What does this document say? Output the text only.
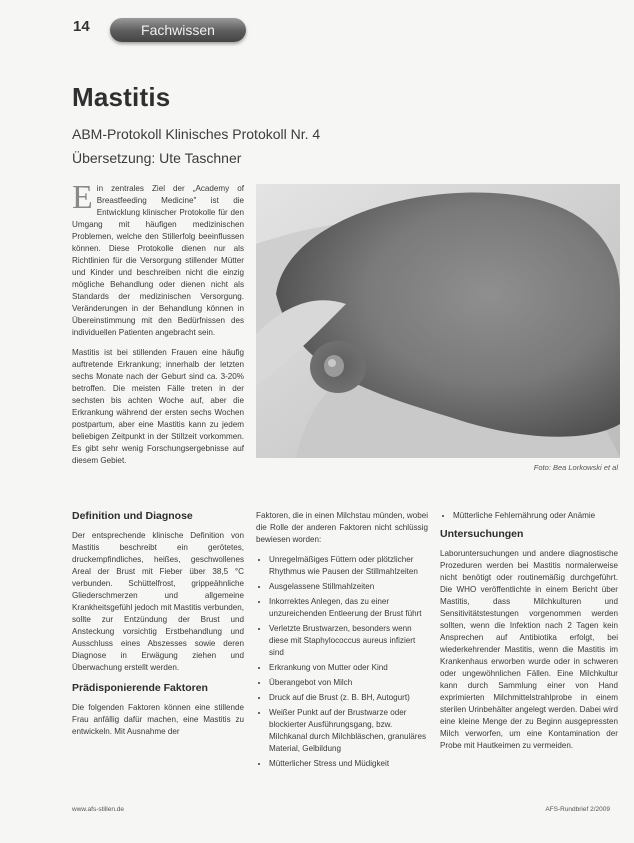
14	Fachwissen
Mastitis
ABM-Protokoll Klinisches Protokoll Nr. 4
Übersetzung: Ute Taschner

E in zentrales Ziel der „Academy of Breastfeeding Medicine" ist die Entwicklung klinischer Protokolle für den Umgang mit häufigen medizinischen Problemen, welche den Stillerfolg beeinflussen können. Diese Protokolle dienen nur als Richtlinien für die Versorgung stillender Mütter und Kinder und beschreiben nicht die einzig mögliche Behandlung oder dienen nicht als Standards der medizinischen Versorgung. Veränderungen in der Behandlung können in Übereinstimmung mit den Bedürfnissen des individuellen Patienten angebracht sein.

Mastitis ist bei stillenden Frauen eine häufig auftretende Erkrankung; innerhalb der letzten sechs Monate nach der Geburt sind ca. 3-20% betroffen. Die meisten Fälle treten in der sechsten bis achten Woche auf, aber die Erkrankung während der ersten sechs Wochen postpartum, aber eine Mastitis kann zu jedem beliebigen Zeitpunkt in der Stillzeit vorkommen. Es gibt sehr wenig Forschungsergebnisse auf diesem Gebiet.

Foto: Bea Lorkowski et al
Definition und Diagnose

Der entsprechende klinische Definition von Mastitis beschreibt ein gerötetes, druckempfindliches, heißes, geschwollenes Areal der Brust mit Fieber über 38,5 °C verbunden. Schüttelfrost, grippeähnliche Gliederschmerzen und allgemeine Krankheitsgefühl jedoch mit Mastitis verbunden, sollte zur Entzündung der Brust und Ansteckung vorsichtig Erstbehandlung und Ausschluss eines Abszesses sowie deren Diagnose in Erwägung ziehen und Überwachung erstellt werden.

Prädisponierende Faktoren

Die folgenden Faktoren können eine stillende Frau anfällig dafür machen, eine Mastitis zu entwickeln. Mit Ausnahme der

Faktoren, die in einen Milchstau münden, wobei die Rolle der anderen Faktoren nicht schlüssig bewiesen worden:

• Unregelmäßiges Füttern oder plötzlicher Rhythmus wie Pausen der Stillmahlzeiten
• Ausgelassene Stillmahlzeiten
• Inkorrektes Anlegen, das zu einer unzureichenden Entleerung der Brust führt
• Verletzte Brustwarzen, besonders wenn diese mit Staphylococcus aureus infiziert sind
• Erkrankung von Mutter oder Kind
• Überangebot von Milch
• Druck auf die Brust (z. B. BH, Autogurt)
• Weißer Punkt auf der Brustwarze oder blockierter Ausführungsgang, bzw. Milchkanal durch Milchbläschen, granuläres Material, Gelbildung
• Mütterlicher Stress und Müdigkeit
• Mütterliche Fehlernährung oder Anämie
Untersuchungen

Laboruntersuchungen und andere diagnostische Prozeduren werden bei Mastitis normalerweise nicht benötigt oder routinemäßig durchgeführt. Die WHO veröffentlichte in einem Bericht über Mastitis, dass Milchkulturen und Sensitivitätstestungen vorgenommen werden sollten, wenn die Infektion nach 2 Tagen kein Ansprechen auf Antibiotika erfolgt, bei wiederkehrender Mastitis, wenn die Mastitis im Krankenhaus erworben wurde oder in schweren oder ungewöhnlichen Fällen. Eine Milchkultur kann durch Sammlung einer von Hand exprimierten Milchmittelstrahlprobe in einem sterilen Urinbehälter angelegt werden. Dabei wird eine kleine Menge der zu Beginn ausgepressten Milch verworfen, um eine Kontamination der Probe mit Hautkeimen zu vermeiden.

www.afs-stillen.de	AFS-Rundbrief 2/2009
